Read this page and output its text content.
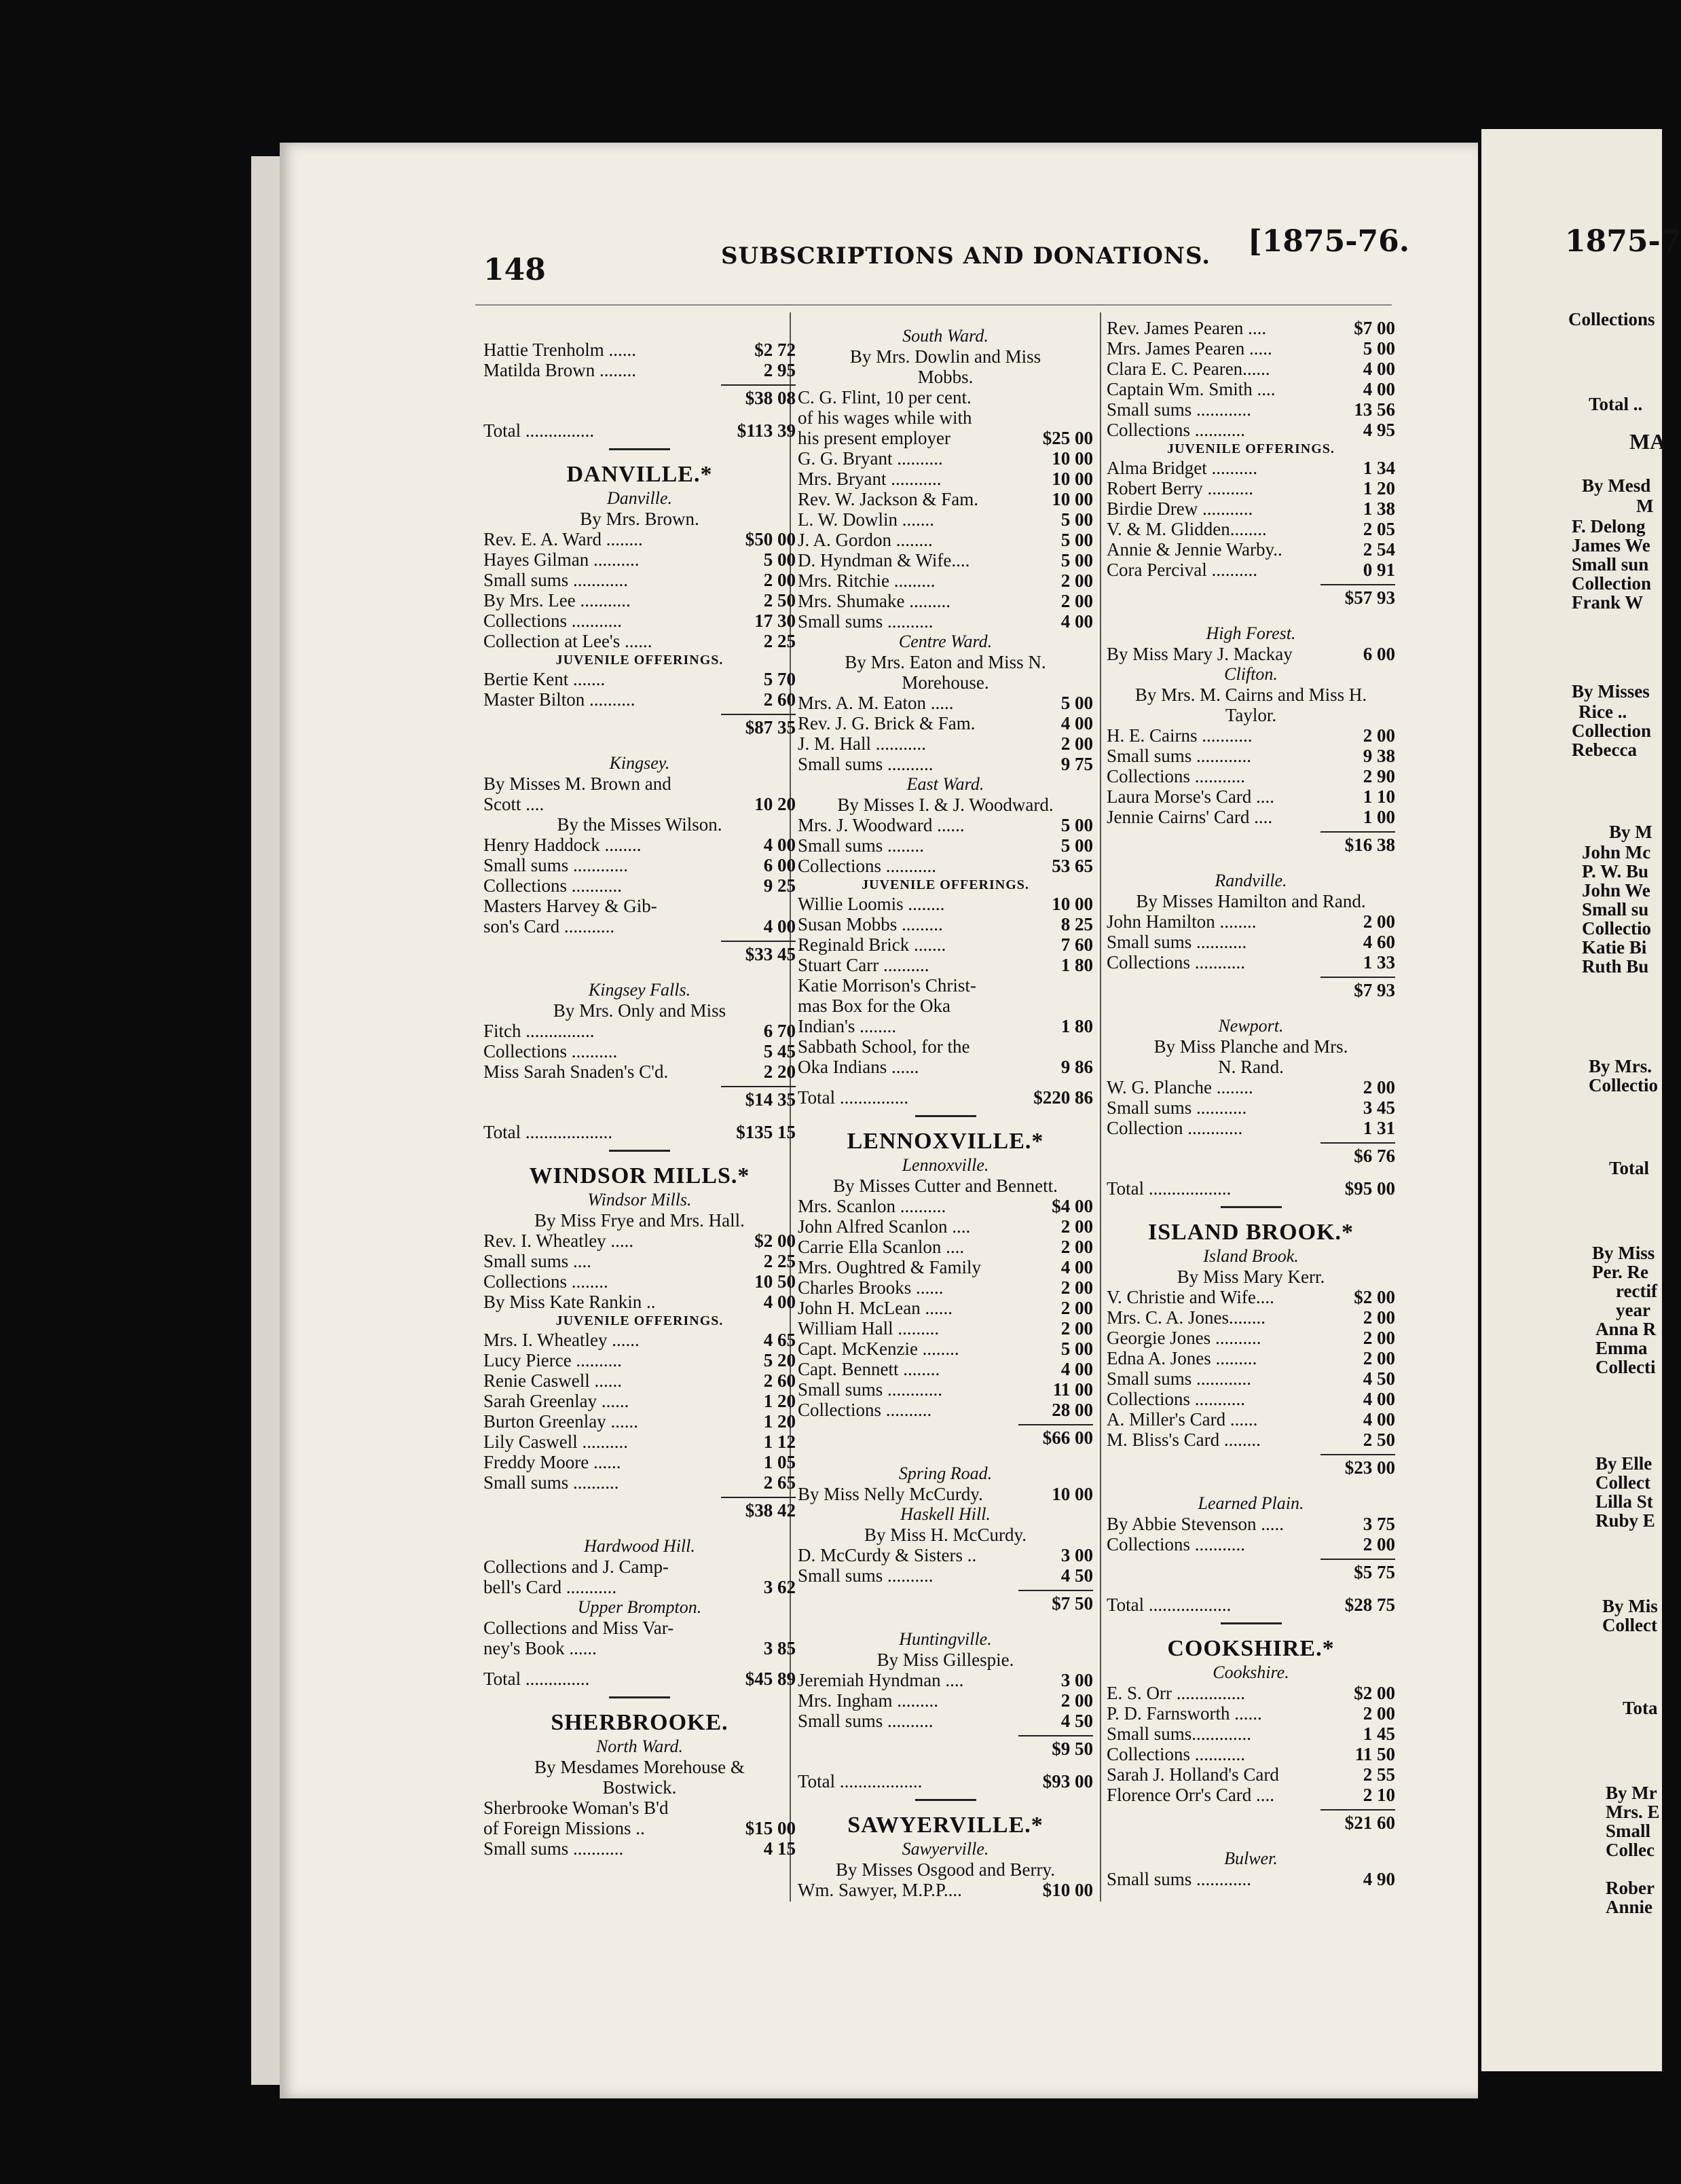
148	SUBSCRIPTIONS AND DONATIONS. [1875-76.	1875-7
Hattie Trenholm ......	$2 72
Matilda Brown ........	2 95
$38 08
Total ...............	$113 39
DANVILLE.*
Danville.
By Mrs. Brown.
Rev. E. A. Ward ........	$50 00
Hayes Gilman ..........	5 00
Small sums ............	2 00
By Mrs. Lee ...........	2 50
Collections ...........	17 30
Collection at Lee's ......	2 25
JUVENILE OFFERINGS.
Bertie Kent .......	5 70
Master Bilton ..........	2 60
$87 35
Kingsey.
By Misses M. Brown and
Scott ....	10 20
By the Misses Wilson.
Henry Haddock ........	4 00
Small sums ............	6 00
Collections ...........	9 25
Masters Harvey & Gib-
son's Card ...........	4 00
$33 45
Kingsey Falls.
By Mrs. Only and Miss
Fitch ...............	6 70
Collections ..........	5 45
Miss Sarah Snaden's C'd.	2 20
$14 35
Total ...................	$135 15
WINDSOR MILLS.*
Windsor Mills.
By Miss Frye and Mrs. Hall.
Rev. I. Wheatley .....	$2 00
Small sums ....	2 25
Collections ........	10 50
By Miss Kate Rankin ..	4 00
JUVENILE OFFERINGS.
Mrs. I. Wheatley ......	4 65
Lucy Pierce ..........	5 20
Renie Caswell ......	2 60
Sarah Greenlay ......	1 20
Burton Greenlay ......	1 20
Lily Caswell ..........	1 12
Freddy Moore ......	1 05
Small sums ..........	2 65
$38 42
Hardwood Hill.
Collections and J. Camp-
bell's Card ...........	3 62
Upper Brompton.
Collections and Miss Var-
ney's Book ......	3 85
Total ..............	$45 89
SHERBROOKE.
North Ward.
By Mesdames Morehouse &
Bostwick.
Sherbrooke Woman's B'd
of Foreign Missions ..	$15 00
Small sums ...........	4 15
South Ward.
By Mrs. Dowlin and Miss
Mobbs.
C. G. Flint, 10 per cent.
of his wages while with
his present employer	$25 00
G. G. Bryant ..........	10 00
Mrs. Bryant ...........	10 00
Rev. W. Jackson & Fam.	10 00
L. W. Dowlin .......	5 00
J. A. Gordon ........	5 00
D. Hyndman & Wife....	5 00
Mrs. Ritchie .........	2 00
Mrs. Shumake .........	2 00
Small sums ..........	4 00
Centre Ward.
By Mrs. Eaton and Miss N.
Morehouse.
Mrs. A. M. Eaton .....	5 00
Rev. J. G. Brick & Fam.	4 00
J. M. Hall ...........	2 00
Small sums ..........	9 75
East Ward.
By Misses I. & J. Woodward.
Mrs. J. Woodward ......	5 00
Small sums ........	5 00
Collections ...........	53 65
JUVENILE OFFERINGS.
Willie Loomis ........	10 00
Susan Mobbs .........	8 25
Reginald Brick .......	7 60
Stuart Carr ..........	1 80
Katie Morrison's Christ-
mas Box for the Oka
Indian's ........	1 80
Sabbath School, for the
Oka Indians ......	9 86
Total ...............	$220 86
LENNOXVILLE.*
Lennoxville.
By Misses Cutter and Bennett.
Mrs. Scanlon ..........	$4 00
John Alfred Scanlon ....	2 00
Carrie Ella Scanlon ....	2 00
Mrs. Oughtred & Family	4 00
Charles Brooks ......	2 00
John H. McLean ......	2 00
William Hall .........	2 00
Capt. McKenzie ........	5 00
Capt. Bennett ........	4 00
Small sums ............	11 00
Collections ..........	28 00
$66 00
Spring Road.
By Miss Nelly McCurdy.	10 00
Haskell Hill.
By Miss H. McCurdy.
D. McCurdy & Sisters ..	3 00
Small sums ..........	4 50
$7 50
Huntingville.
By Miss Gillespie.
Jeremiah Hyndman ....	3 00
Mrs. Ingham .........	2 00
Small sums ..........	4 50
$9 50
Total ..................	$93 00
SAWYERVILLE.*
Sawyerville.
By Misses Osgood and Berry.
Wm. Sawyer, M.P.P....	$10 00
Rev. James Pearen ....	$7 00
Mrs. James Pearen .....	5 00
Clara E. C. Pearen......	4 00
Captain Wm. Smith ....	4 00
Small sums ............	13 56
Collections ...........	4 95
JUVENILE OFFERINGS.
Alma Bridget ..........	1 34
Robert Berry ..........	1 20
Birdie Drew ...........	1 38
V. & M. Glidden........	2 05
Annie & Jennie Warby..	2 54
Cora Percival ..........	0 91
$57 93
High Forest.
By Miss Mary J. Mackay	6 00
Clifton.
By Mrs. M. Cairns and Miss H.
Taylor.
H. E. Cairns ...........	2 00
Small sums ............	9 38
Collections ...........	2 90
Laura Morse's Card ....	1 10
Jennie Cairns' Card ....	1 00
$16 38
Randville.
By Misses Hamilton and Rand.
John Hamilton ........	2 00
Small sums ...........	4 60
Collections ...........	1 33
$7 93
Newport.
By Miss Planche and Mrs.
N. Rand.
W. G. Planche ........	2 00
Small sums ...........	3 45
Collection ............	1 31
$6 76
Total ..................	$95 00
ISLAND BROOK.*
Island Brook.
By Miss Mary Kerr.
V. Christie and Wife....	$2 00
Mrs. C. A. Jones........	2 00
Georgie Jones ..........	2 00
Edna A. Jones .........	2 00
Small sums ............	4 50
Collections ...........	4 00
A. Miller's Card ......	4 00
M. Bliss's Card ........	2 50
$23 00
Learned Plain.
By Abbie Stevenson .....	3 75
Collections ...........	2 00
$5 75
Total ..................	$28 75
COOKSHIRE.*
Cookshire.
E. S. Orr ...............	$2 00
P. D. Farnsworth ......	2 00
Small sums.............	1 45
Collections ...........	11 50
Sarah J. Holland's Card	2 55
Florence Orr's Card ....	2 10
$21 60
Bulwer.
Small sums ............	4 90
Collections
Total ..
MA
By Mesd
M
F. Delong
James We
Small sun
Collection
Frank W
By Misses
Rice ..
Collection
Rebecca
By M
John Mc
P. W. Bu
John We
Small su
Collectio
Katie Bi
Ruth Bu
By Mrs.
Collectio
Total
By Miss
Per. Re
rectif
year
Anna R
Emma
Collecti
By Elle
Collect
Lilla St
Ruby E
By Mis
Collect
Tota
By Mr
Mrs. E
Small
Collec
Rober
Annie
